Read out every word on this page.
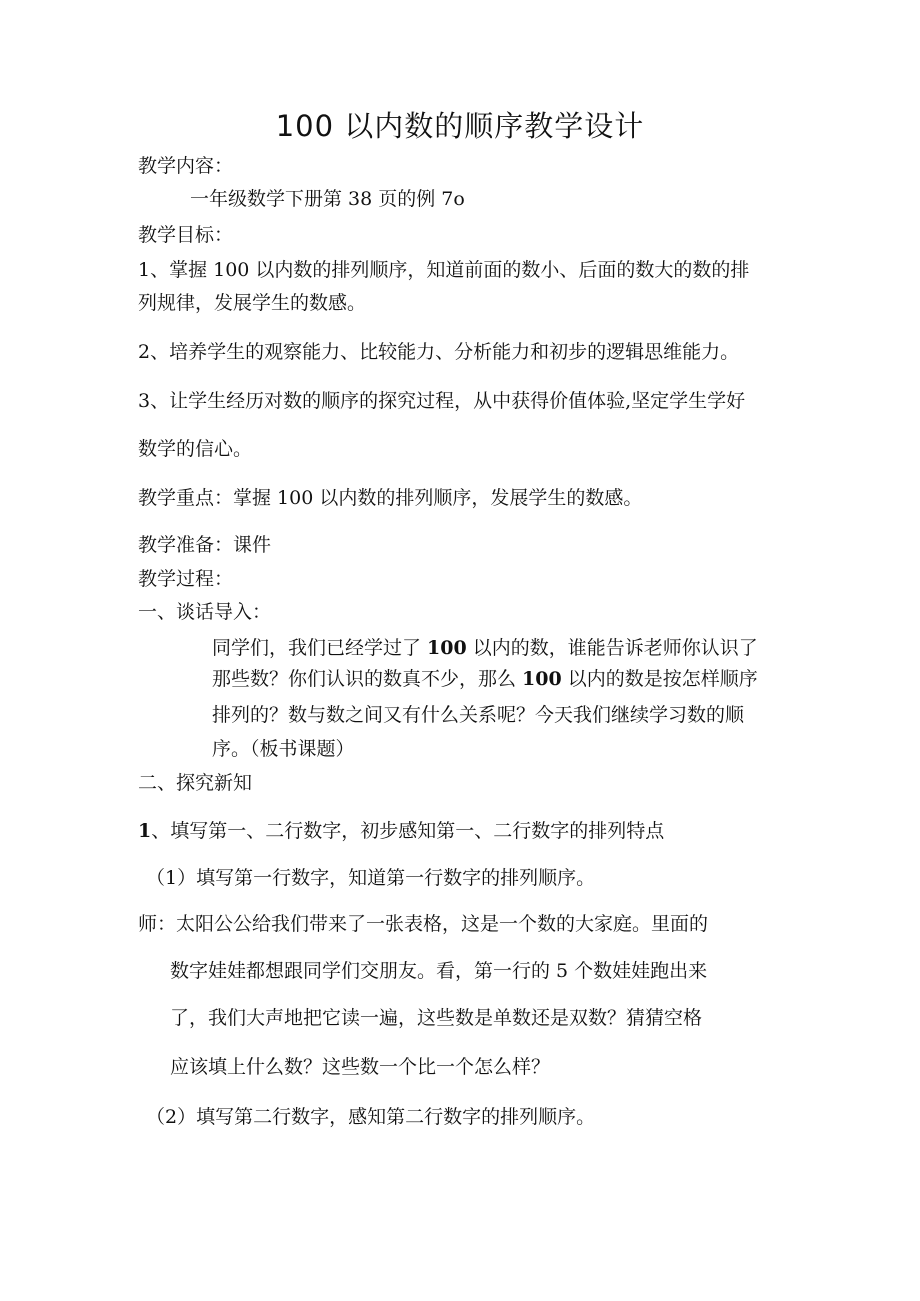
100 以内数的顺序教学设计
教学内容：
一年级数学下册第 38 页的例 7o
教学目标：
1、掌握 100 以内数的排列顺序，知道前面的数小、后面的数大的数的排
列规律，发展学生的数感。
2、培养学生的观察能力、比较能力、分析能力和初步的逻辑思维能力。
3、让学生经历对数的顺序的探究过程，从中获得价值体验,坚定学生学好
数学的信心。
教学重点：掌握 100 以内数的排列顺序，发展学生的数感。
教学准备：课件
教学过程：
一、谈话导入：
同学们，我们已经学过了 100 以内的数，谁能告诉老师你认识了
那些数？你们认识的数真不少，那么 100 以内的数是按怎样顺序
排列的？数与数之间又有什么关系呢？今天我们继续学习数的顺
序。（板书课题）
二、探究新知
1、填写第一、二行数字，初步感知第一、二行数字的排列特点
（1）填写第一行数字，知道第一行数字的排列顺序。
师：太阳公公给我们带来了一张表格，这是一个数的大家庭。里面的
数字娃娃都想跟同学们交朋友。看，第一行的 5 个数娃娃跑出来
了，我们大声地把它读一遍，这些数是单数还是双数？猜猜空格
应该填上什么数？这些数一个比一个怎么样？
（2）填写第二行数字，感知第二行数字的排列顺序。
